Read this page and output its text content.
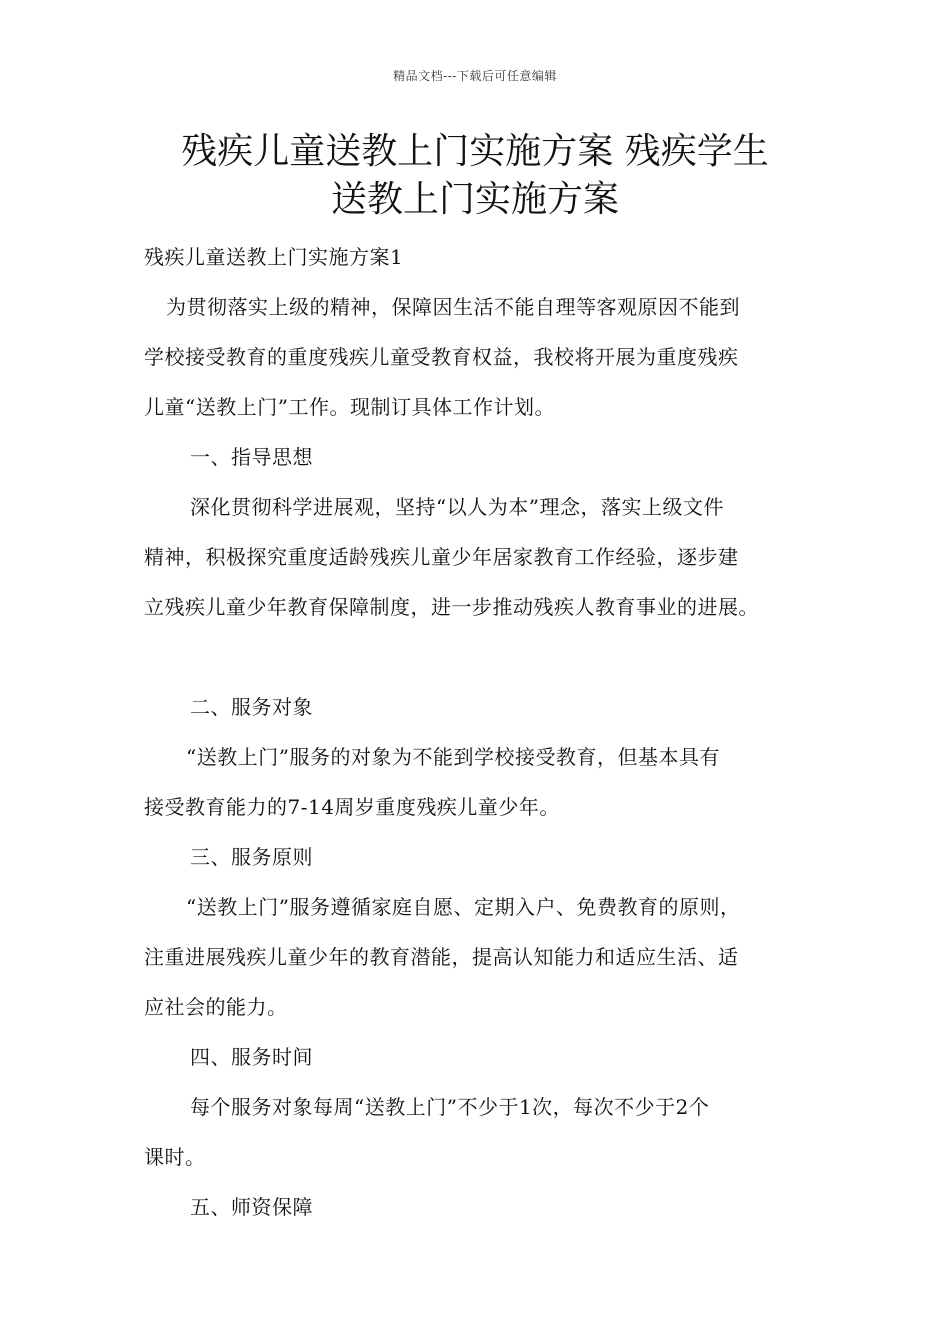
精品文档---下载后可任意编辑
残疾儿童送教上门实施方案 残疾学生
送教上门实施方案
残疾儿童送教上门实施方案1
为贯彻落实上级的精神，保障因生活不能自理等客观原因不能到
学校接受教育的重度残疾儿童受教育权益，我校将开展为重度残疾
儿童“送教上门”工作。现制订具体工作计划。
一、指导思想
深化贯彻科学进展观，坚持“以人为本”理念，落实上级文件
精神，积极探究重度适龄残疾儿童少年居家教育工作经验，逐步建
立残疾儿童少年教育保障制度，进一步推动残疾人教育事业的进展。
二、服务对象
“送教上门”服务的对象为不能到学校接受教育，但基本具有
接受教育能力的7-14周岁重度残疾儿童少年。
三、服务原则
“送教上门”服务遵循家庭自愿、定期入户、免费教育的原则，
注重进展残疾儿童少年的教育潜能，提高认知能力和适应生活、适
应社会的能力。
四、服务时间
每个服务对象每周“送教上门”不少于1次，每次不少于2个
课时。
五、师资保障
